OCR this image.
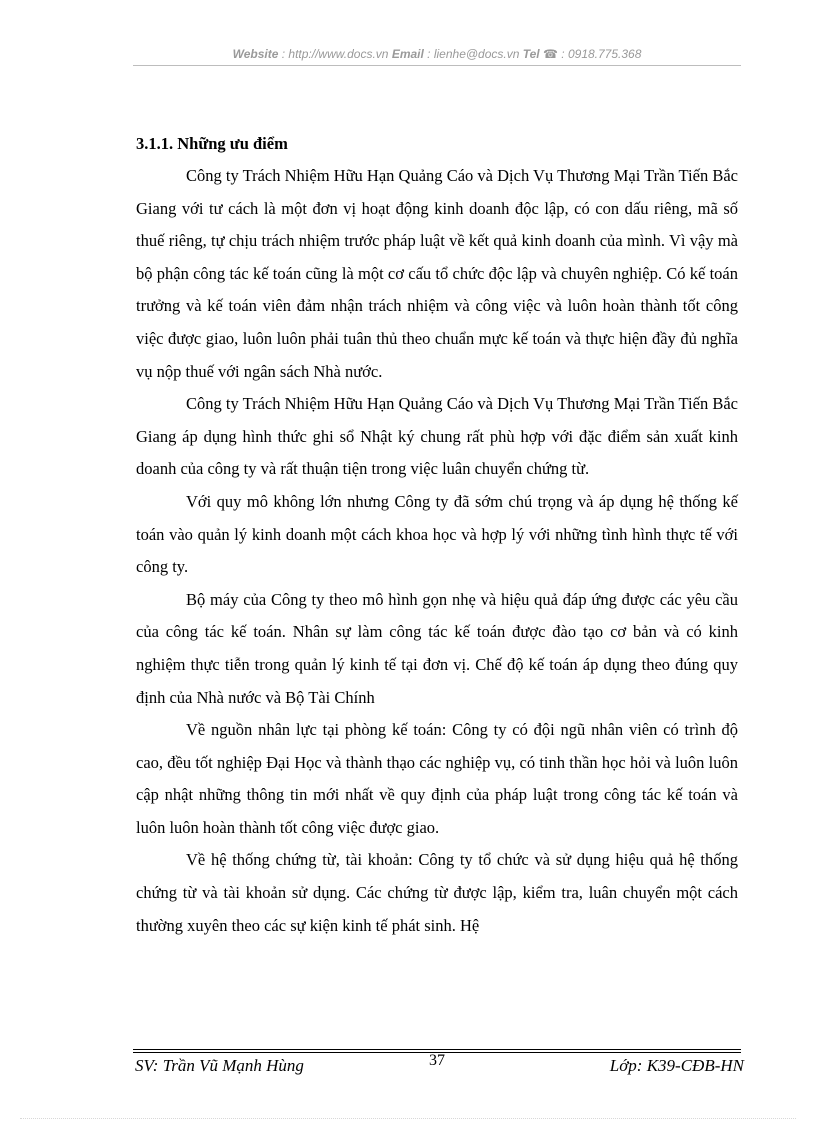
Website : http://www.docs.vn Email : lienhe@docs.vn Tel ☎ : 0918.775.368
3.1.1. Những ưu điểm

Công ty Trách Nhiệm Hữu Hạn Quảng Cáo và Dịch Vụ Thương Mại Trần Tiến Bắc Giang với tư cách là một đơn vị hoạt động kinh doanh độc lập, có con dấu riêng, mã số thuế riêng, tự chịu trách nhiệm trước pháp luật về kết quả kinh doanh của mình. Vì vậy mà bộ phận công tác kế toán cũng là một cơ cấu tổ chức độc lập và chuyên nghiệp. Có kế toán trưởng và kế toán viên đảm nhận trách nhiệm và công việc và luôn hoàn thành tốt công việc được giao, luôn luôn phải tuân thủ theo chuẩn mực kế toán và thực hiện đầy đủ nghĩa vụ nộp thuế với ngân sách Nhà nước.

Công ty Trách Nhiệm Hữu Hạn Quảng Cáo và Dịch Vụ Thương Mại Trần Tiến Bắc Giang áp dụng hình thức ghi sổ Nhật ký chung rất phù hợp với đặc điểm sản xuất kinh doanh của công ty và rất thuận tiện trong việc luân chuyển chứng từ.

Với quy mô không lớn nhưng Công ty đã sớm chú trọng và áp dụng hệ thống kế toán vào quản lý kinh doanh một cách khoa học và hợp lý với những tình hình thực tế với công ty.

Bộ máy của Công ty theo mô hình gọn nhẹ và hiệu quả đáp ứng được các yêu cầu của công tác kế toán. Nhân sự làm công tác kế toán được đào tạo cơ bản và có kinh nghiệm thực tiễn trong quản lý kinh tế tại đơn vị. Chế độ kế toán áp dụng theo đúng quy định của Nhà nước và Bộ Tài Chính

Về nguồn nhân lực tại phòng kế toán: Công ty có đội ngũ nhân viên có trình độ cao, đều tốt nghiệp Đại Học và thành thạo các nghiệp vụ, có tinh thần học hỏi và luôn luôn cập nhật những thông tin mới nhất về quy định của pháp luật trong công tác kế toán và luôn luôn hoàn thành tốt công việc được giao.

Về hệ thống chứng từ, tài khoản: Công ty tổ chức và sử dụng hiệu quả hệ thống chứng từ và tài khoản sử dụng. Các chứng từ được lập, kiểm tra, luân chuyển một cách thường xuyên theo các sự kiện kinh tế phát sinh. Hệ

SV: Trần Vũ Mạnh Hùng	37	Lớp: K39-CĐB-HN
